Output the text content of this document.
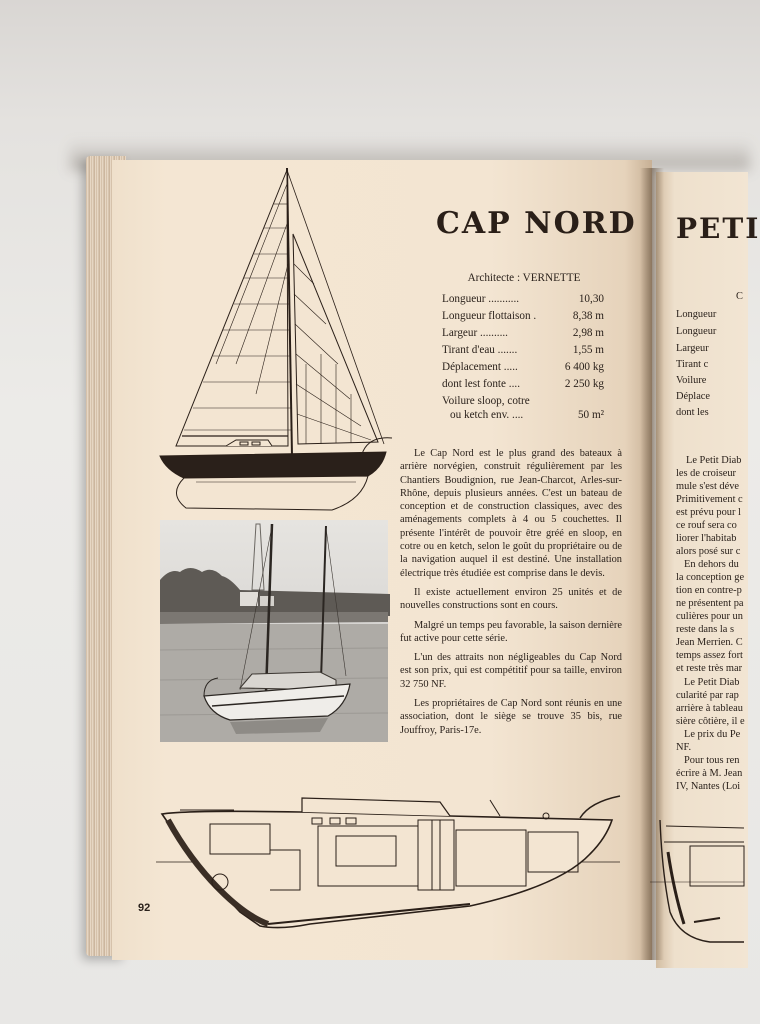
CAP NORD PETI
Architecte : VERNETTE
Longueur ...........	10,30
Longueur flottaison .	8,38 m
Largeur ..........	2,98 m
Tirant d'eau .......	1,55 m
Déplacement .....	6 400 kg
dont lest fonte ....	2 250 kg
Voilure sloop, cotre
ou ketch env. ....	50 m²

Le Cap Nord est le plus grand des bateaux à arrière norvégien, construit régulièrement par les Chantiers Boudignion, rue Jean-Charcot, Arles-sur-Rhône, depuis plusieurs années. C'est un bateau de conception et de construction classiques, avec des aménagements complets à 4 ou 5 couchettes. Il présente l'intérêt de pouvoir être gréé en sloop, en cotre ou en ketch, selon le goût du propriétaire ou de la navigation auquel il est destiné. Une installation électrique très étudiée est comprise dans le devis.

Il existe actuellement environ 25 unités et de nouvelles constructions sont en cours.

Malgré un temps peu favorable, la saison dernière fut active pour cette série.

L'un des attraits non négligeables du Cap Nord est son prix, qui est compétitif pour sa taille, environ 32 750 NF.

Les propriétaires de Cap Nord sont réunis en une association, dont le siège se trouve 35 bis, rue Jouffroy, Paris-17e.

92
C
Longueur
Longueur
Largeur
Tirant c
Voilure
Déplace
dont les
Le Petit Diab
les de croiseur
mule s'est déve
Primitivement c
est prévu pour l
ce rouf sera co
liorer l'habitab
alors posé sur c
En dehors du
la conception ge
tion en contre-p
ne présentent pa
culières pour un
reste dans la s
Jean Merrien. C
temps assez fort
et reste très mar
Le Petit Diab
cularité par rap
arrière à tableau
sière côtière, il e
Le prix du Pe
NF.
Pour tous ren
écrire à M. Jean
IV, Nantes (Loi
